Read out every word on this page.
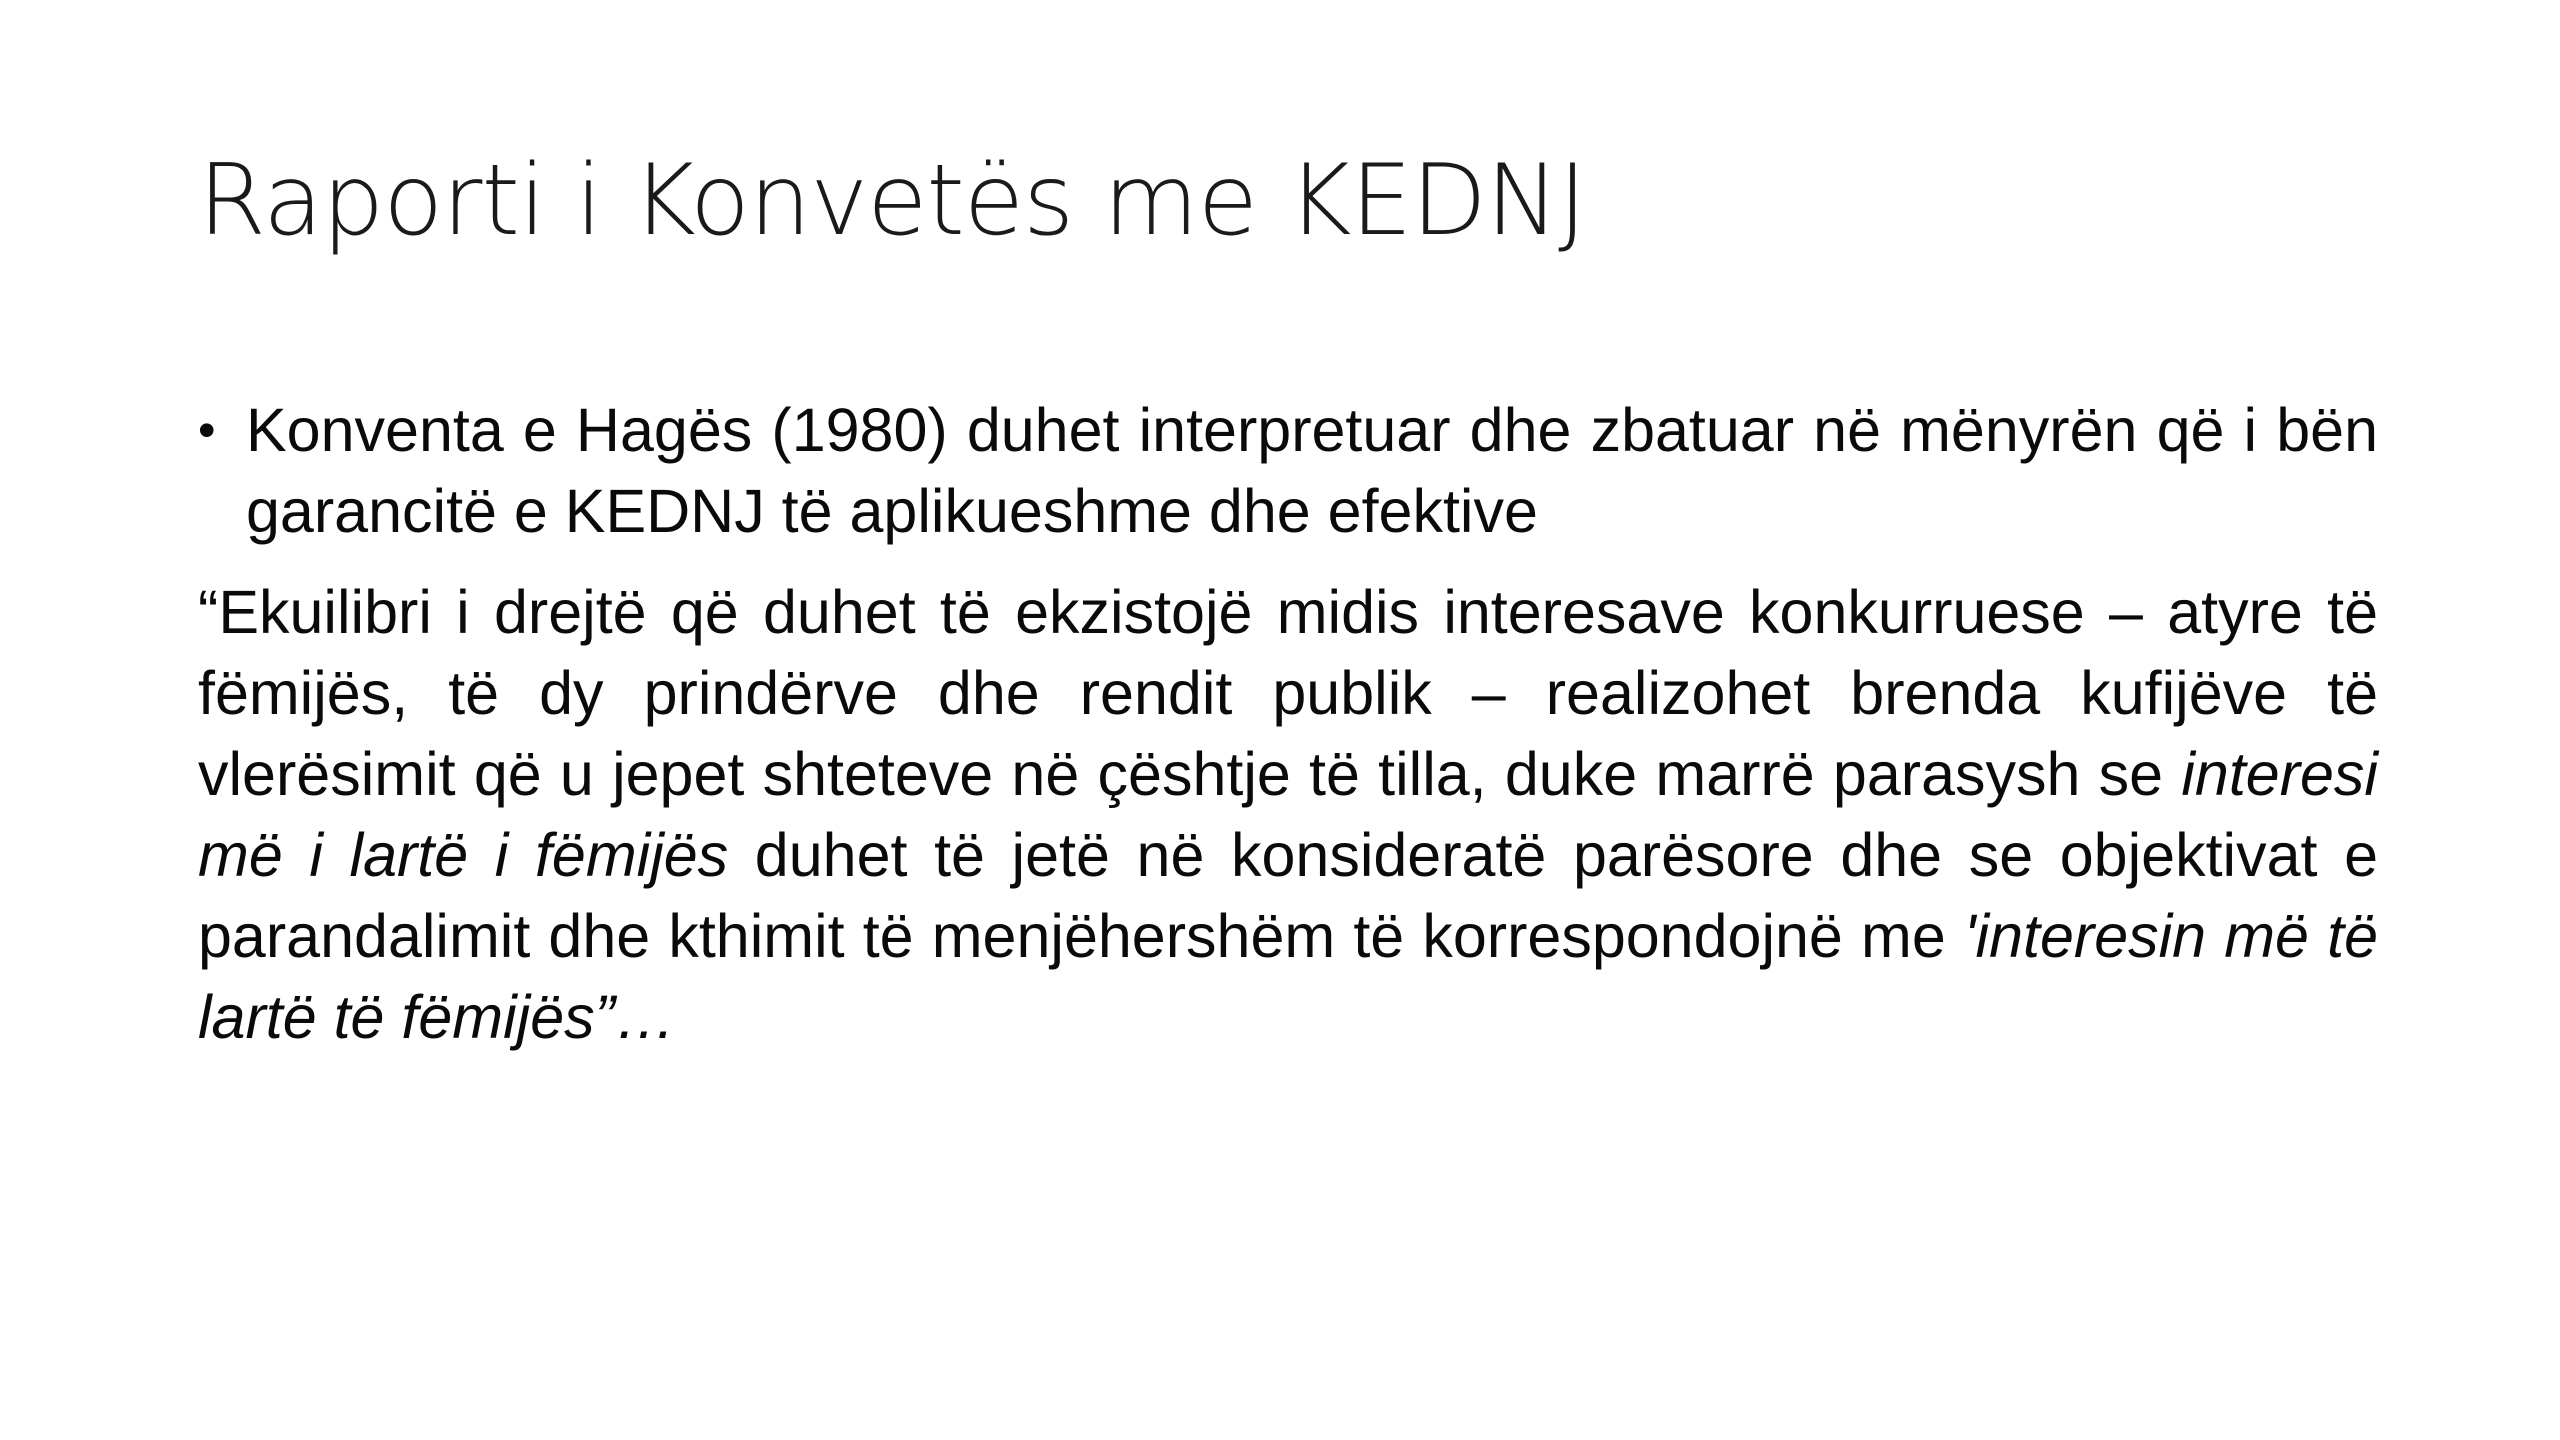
Raporti i Konvetës me KEDNJ
• Konventa e Hagës (1980) duhet interpretuar dhe zbatuar në mënyrën që i bën garancitë e KEDNJ të aplikueshme dhe efektive

“Ekuilibri i drejtë që duhet të ekzistojë midis interesave konkurruese – atyre të fëmijës, të dy prindërve dhe rendit publik – realizohet brenda kufijëve të vlerësimit që u jepet shteteve në çështje të tilla, duke marrë parasysh se interesi më i lartë i fëmijës duhet të jetë në konsideratë parësore dhe se objektivat e parandalimit dhe kthimit të menjëhershëm të korrespondojnë me 'interesin më të lartë të fëmijës”…
